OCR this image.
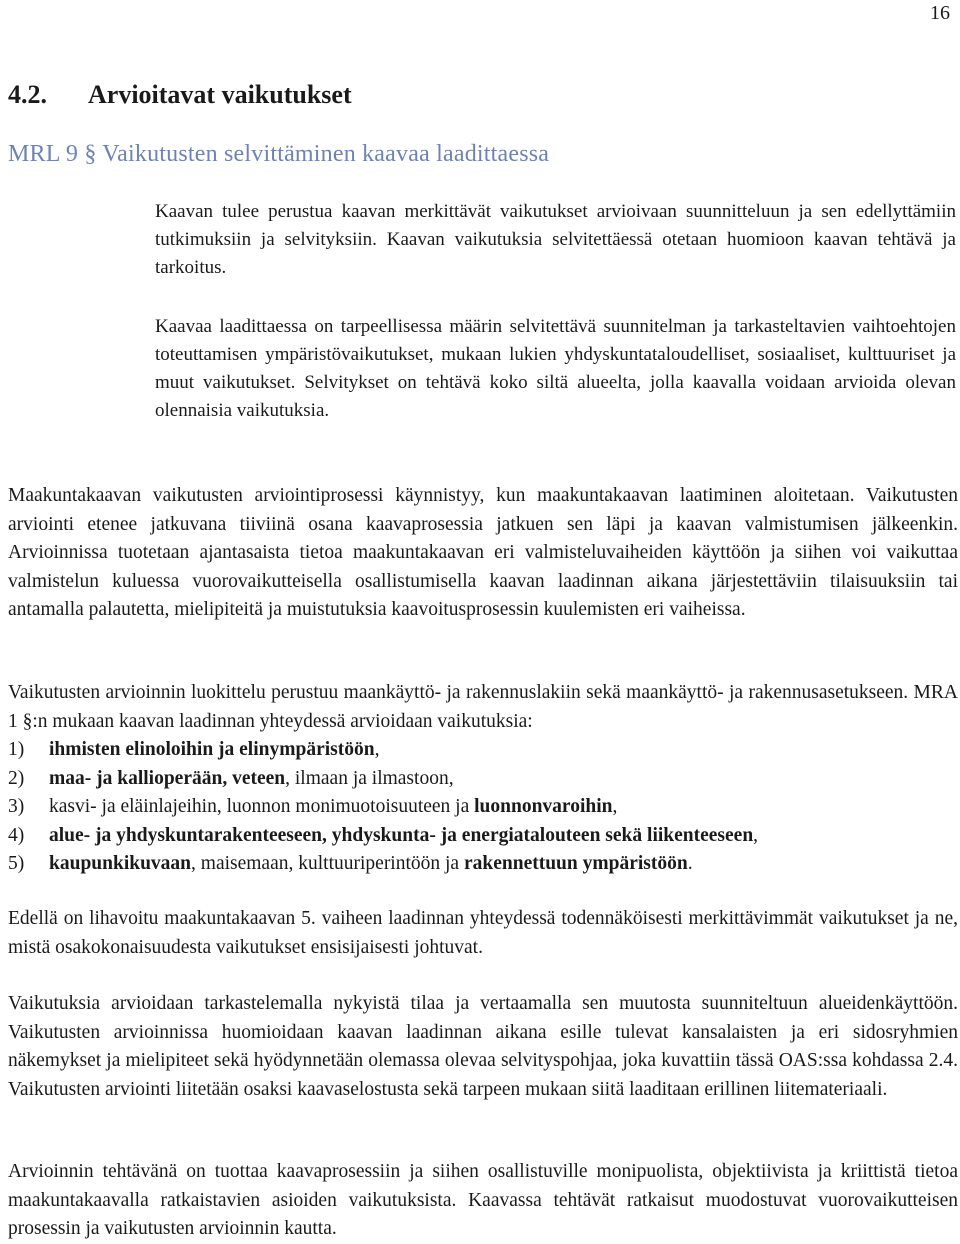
16
4.2. Arvioitavat vaikutukset
MRL 9 § Vaikutusten selvittäminen kaavaa laadittaessa

Kaavan tulee perustua kaavan merkittävät vaikutukset arvioivaan suunnitteluun ja sen edellyttämiin tutkimuksiin ja selvityksiin. Kaavan vaikutuksia selvitettäessä otetaan huomioon kaavan tehtävä ja tarkoitus.

Kaavaa laadittaessa on tarpeellisessa määrin selvitettävä suunnitelman ja tarkasteltavien vaihtoehtojen toteuttamisen ympäristövaikutukset, mukaan lukien yhdyskuntataloudelliset, sosiaaliset, kulttuuriset ja muut vaikutukset. Selvitykset on tehtävä koko siltä alueelta, jolla kaavalla voidaan arvioida olevan olennaisia vaikutuksia.

Maakuntakaavan vaikutusten arviointiprosessi käynnistyy, kun maakuntakaavan laatiminen aloitetaan. Vaikutusten arviointi etenee jatkuvana tiiviinä osana kaavaprosessia jatkuen sen läpi ja kaavan valmistumisen jälkeenkin. Arvioinnissa tuotetaan ajantasaista tietoa maakuntakaavan eri valmisteluvaiheiden käyttöön ja siihen voi vaikuttaa valmistelun kuluessa vuorovaikutteisella osallistumisella kaavan laadinnan aikana järjestettäviin tilaisuuksiin tai antamalla palautetta, mielipiteitä ja muistutuksia kaavoitusprosessin kuulemisten eri vaiheissa.

Vaikutusten arvioinnin luokittelu perustuu maankäyttö- ja rakennuslakiin sekä maankäyttö- ja rakennusasetukseen. MRA 1 §:n mukaan kaavan laadinnan yhteydessä arvioidaan vaikutuksia:

1)	ihmisten elinoloihin ja elinympäristöön,
2)	maa- ja kallioperään, veteen, ilmaan ja ilmastoon,
3)	kasvi- ja eläinlajeihin, luonnon monimuotoisuuteen ja luonnonvaroihin,
4)	alue- ja yhdyskuntarakenteeseen, yhdyskunta- ja energiatalouteen sekä liikenteeseen,
5)	kaupunkikuvaan, maisemaan, kulttuuriperintöön ja rakennettuun ympäristöön.

Edellä on lihavoitu maakuntakaavan 5. vaiheen laadinnan yhteydessä todennäköisesti merkittävimmät vaikutukset ja ne, mistä osakokonaisuudesta vaikutukset ensisijaisesti johtuvat.

Vaikutuksia arvioidaan tarkastelemalla nykyistä tilaa ja vertaamalla sen muutosta suunniteltuun alueidenkäyttöön. Vaikutusten arvioinnissa huomioidaan kaavan laadinnan aikana esille tulevat kansalaisten ja eri sidosryhmien näkemykset ja mielipiteet sekä hyödynnetään olemassa olevaa selvityspohjaa, joka kuvattiin tässä OAS:ssa kohdassa 2.4. Vaikutusten arviointi liitetään osaksi kaavaselostusta sekä tarpeen mukaan siitä laaditaan erillinen liitemateriaali.

Arvioinnin tehtävänä on tuottaa kaavaprosessiin ja siihen osallistuville monipuolista, objektiivista ja kriittistä tietoa maakuntakaavalla ratkaistavien asioiden vaikutuksista. Kaavassa tehtävät ratkaisut muodostuvat vuorovaikutteisen prosessin ja vaikutusten arvioinnin kautta.
